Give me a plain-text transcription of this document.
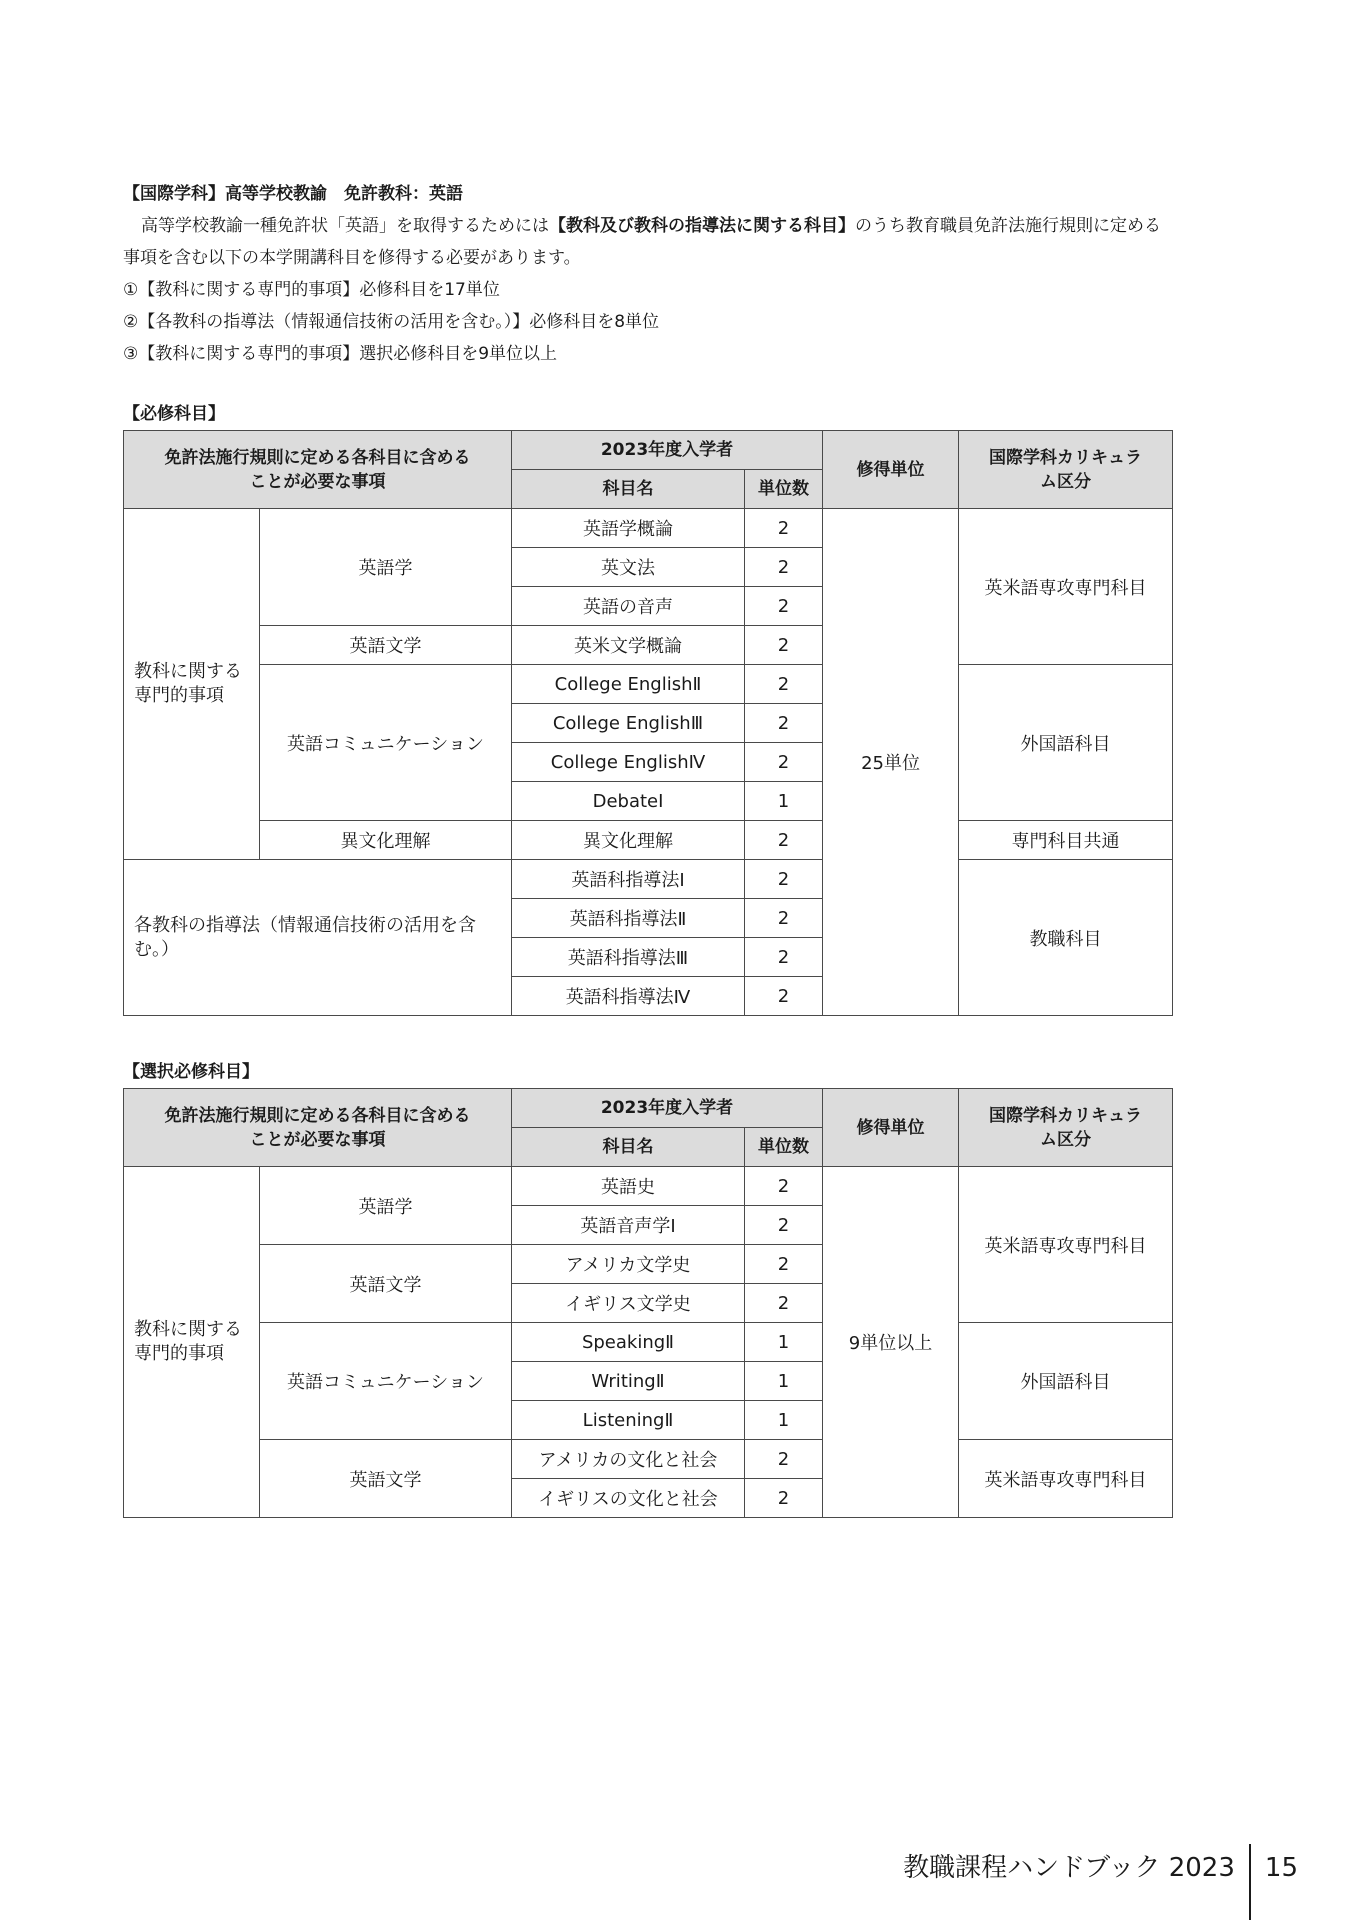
【国際学科】高等学校教諭　免許教科：英語
高等学校教諭一種免許状「英語」を取得するためには【教科及び教科の指導法に関する科目】のうち教育職員免許法施行規則に定める事項を含む以下の本学開講科目を修得する必要があります。
①【教科に関する専門的事項】必修科目を17単位
②【各教科の指導法（情報通信技術の活用を含む。）】必修科目を8単位
③【教科に関する専門的事項】選択必修科目を9単位以上
【必修科目】
免許法施行規則に定める各科目に含めることが必要な事項		2023年度入学者		修得単位	国際学科カリキュラム区分
		科目名	単位数		
教科に関する専門的事項	英語学	英語学概論	2	25単位	英米語専攻専門科目
		英文法	2		
		英語の音声	2		
	英語文学	英米文学概論	2		
	英語コミュニケーション	College EnglishⅡ	2		外国語科目
		College EnglishⅢ	2		
		College EnglishⅣ	2		
		DebateⅠ	1		
	異文化理解	異文化理解	2		専門科目共通
各教科の指導法（情報通信技術の活用を含む。）		英語科指導法Ⅰ	2		教職科目
		英語科指導法Ⅱ	2		
		英語科指導法Ⅲ	2		
		英語科指導法Ⅳ	2		
【選択必修科目】
免許法施行規則に定める各科目に含めることが必要な事項		2023年度入学者		修得単位	国際学科カリキュラム区分
		科目名	単位数		
教科に関する専門的事項	英語学	英語史	2	9単位以上	英米語専攻専門科目
		英語音声学Ⅰ	2		
	英語文学	アメリカ文学史	2		
		イギリス文学史	2		
	英語コミュニケーション	SpeakingⅡ	1		外国語科目
		WritingⅡ	1		
		ListeningⅡ	1		
	英語文学	アメリカの文化と社会	2		英米語専攻専門科目
		イギリスの文化と社会	2		
教職課程ハンドブック 2023	15
